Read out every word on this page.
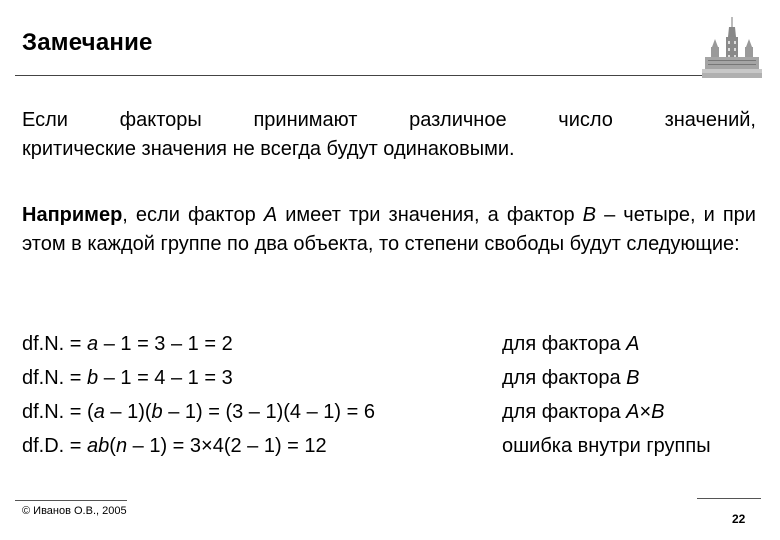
Замечание
Если	факторы	принимают	различное	число	значений,
критические значения не всегда будут одинаковыми.
Например, если фактор A имеет три значения, а фактор B – четыре, и при этом в каждой группе по два объекта, то степени свободы будут следующие:
df.N. = a – 1 = 3 – 1 = 2	для фактора A
df.N. = b – 1 = 4 – 1 = 3	для фактора B
df.N. = (a – 1)(b – 1) = (3 – 1)(4 – 1) = 6	для фактора A×B
df.D. = ab(n – 1) = 3×4(2 – 1) = 12	ошибка внутри группы
© Иванов О.В., 2005
22
